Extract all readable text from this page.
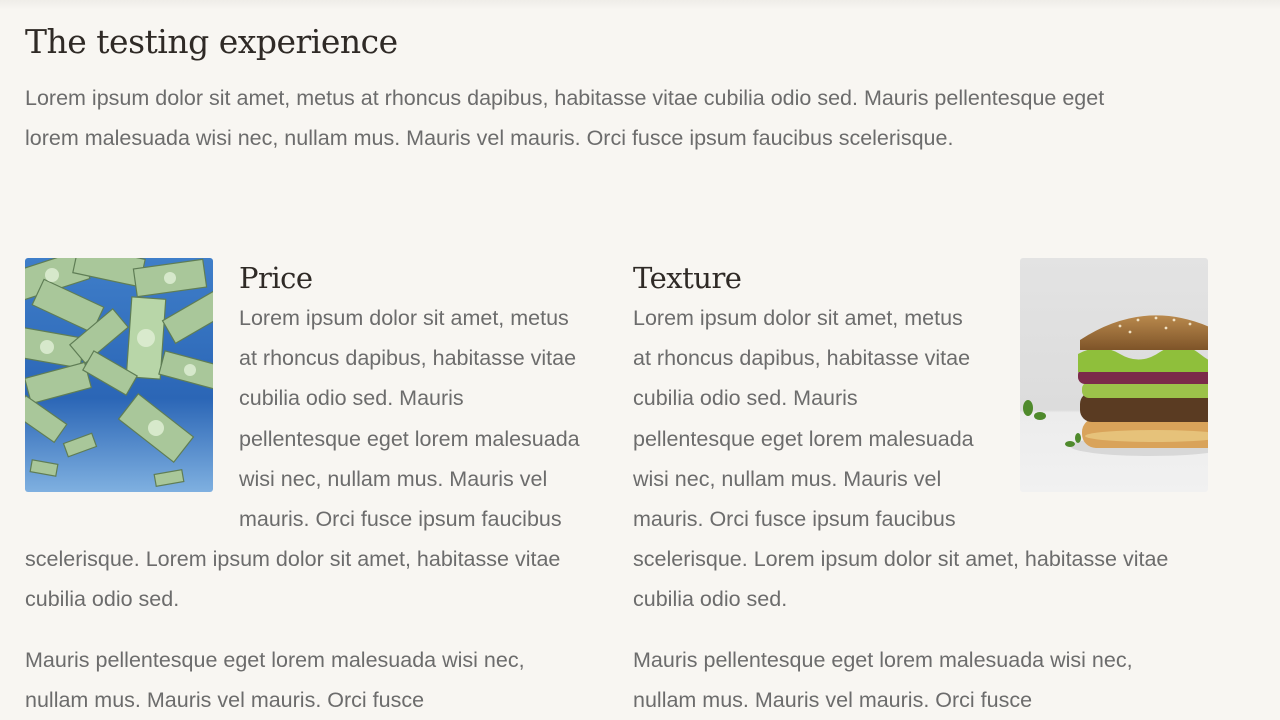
The testing experience

Lorem ipsum dolor sit amet, metus at rhoncus dapibus, habitasse vitae cubilia odio sed. Mauris pellentesque eget lorem malesuada wisi nec, nullam mus. Mauris vel mauris. Orci fusce ipsum faucibus scelerisque.

Price

Lorem ipsum dolor sit amet, metus at rhoncus dapibus, habitasse vitae cubilia odio sed. Mauris pellentesque eget lorem malesuada wisi nec, nullam mus. Mauris vel mauris. Orci fusce ipsum faucibus scelerisque. Lorem ipsum dolor sit amet, habitasse vitae cubilia odio sed.

Mauris pellentesque eget lorem malesuada wisi nec, nullam mus. Mauris vel mauris. Orci fusce

Texture

Lorem ipsum dolor sit amet, metus at rhoncus dapibus, habitasse vitae cubilia odio sed. Mauris pellentesque eget lorem malesuada wisi nec, nullam mus. Mauris vel mauris. Orci fusce ipsum faucibus scelerisque. Lorem ipsum dolor sit amet, habitasse vitae cubilia odio sed.

Mauris pellentesque eget lorem malesuada wisi nec, nullam mus. Mauris vel mauris. Orci fusce
